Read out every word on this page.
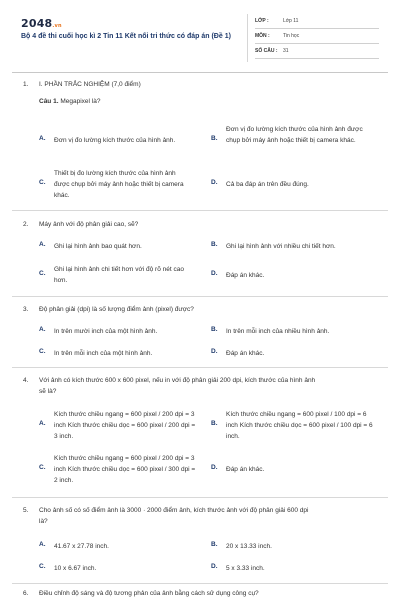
2048.vn
Bộ 4 đề thi cuối học kì 2 Tin 11 Kết nối tri thức có đáp án (Đề 1)
LỚP :	Lớp 11
MÔN :	Tin học
SỐ CÂU : 31
1. I. PHẦN TRẮC NGHIỆM (7,0 điểm)
Câu 1. Megapixel là?
A. Đơn vị đo lường kích thước của hình ảnh.	B.
Đơn vị đo lường kích thước của hình ảnh được chụp bởi máy ảnh hoặc thiết bị camera khác.
C.
Thiết bị đo lường kích thước của hình ảnh được chụp bởi máy ảnh hoặc thiết bị camera khác.
D. Cả ba đáp án trên đều đúng.
2. Máy ảnh với độ phân giải cao, sẽ?
A. Ghi lại hình ảnh bao quát hơn.	B. Ghi lại hình ảnh với nhiều chi tiết hơn.
C.
Ghi lại hình ảnh chi tiết hơn với độ rõ nét cao hơn.
D. Đáp án khác.
3. Độ phân giải (dpi) là số lượng điểm ảnh (pixel) được?
A. In trên mười inch của một hình ảnh.	B. In trên mỗi inch của nhiều hình ảnh.
C. In trên mỗi inch của một hình ảnh.	D. Đáp án khác.
4. Với ảnh có kích thước 600 x 600 pixel, nếu in với độ phân giải 200 dpi, kích thước của hình ảnh
sẽ là?
A.
Kích thước chiều ngang = 600 pixel / 200 dpi = 3 inch Kích thước chiều dọc = 600 pixel / 200 dpi = 3 inch.
B.
Kích thước chiều ngang = 600 pixel / 100 dpi = 6 inch Kích thước chiều dọc = 600 pixel / 100 dpi = 6 inch.
C.
Kích thước chiều ngang = 600 pixel / 200 dpi = 3 inch Kích thước chiều dọc = 600 pixel / 300 dpi = 2 inch.
D. Đáp án khác.
5. Cho ảnh số có số điểm ảnh là 3000 · 2000 điểm ảnh, kích thước ảnh với độ phân giải 600 dpi
là?
A. 41.67 x 27.78 inch.	B. 20 x 13.33 inch.
C. 10 x 6.67 inch.	D. 5 x 3.33 inch.
6. Điều chỉnh độ sáng và độ tương phản của ảnh bằng cách sử dụng công cụ?
